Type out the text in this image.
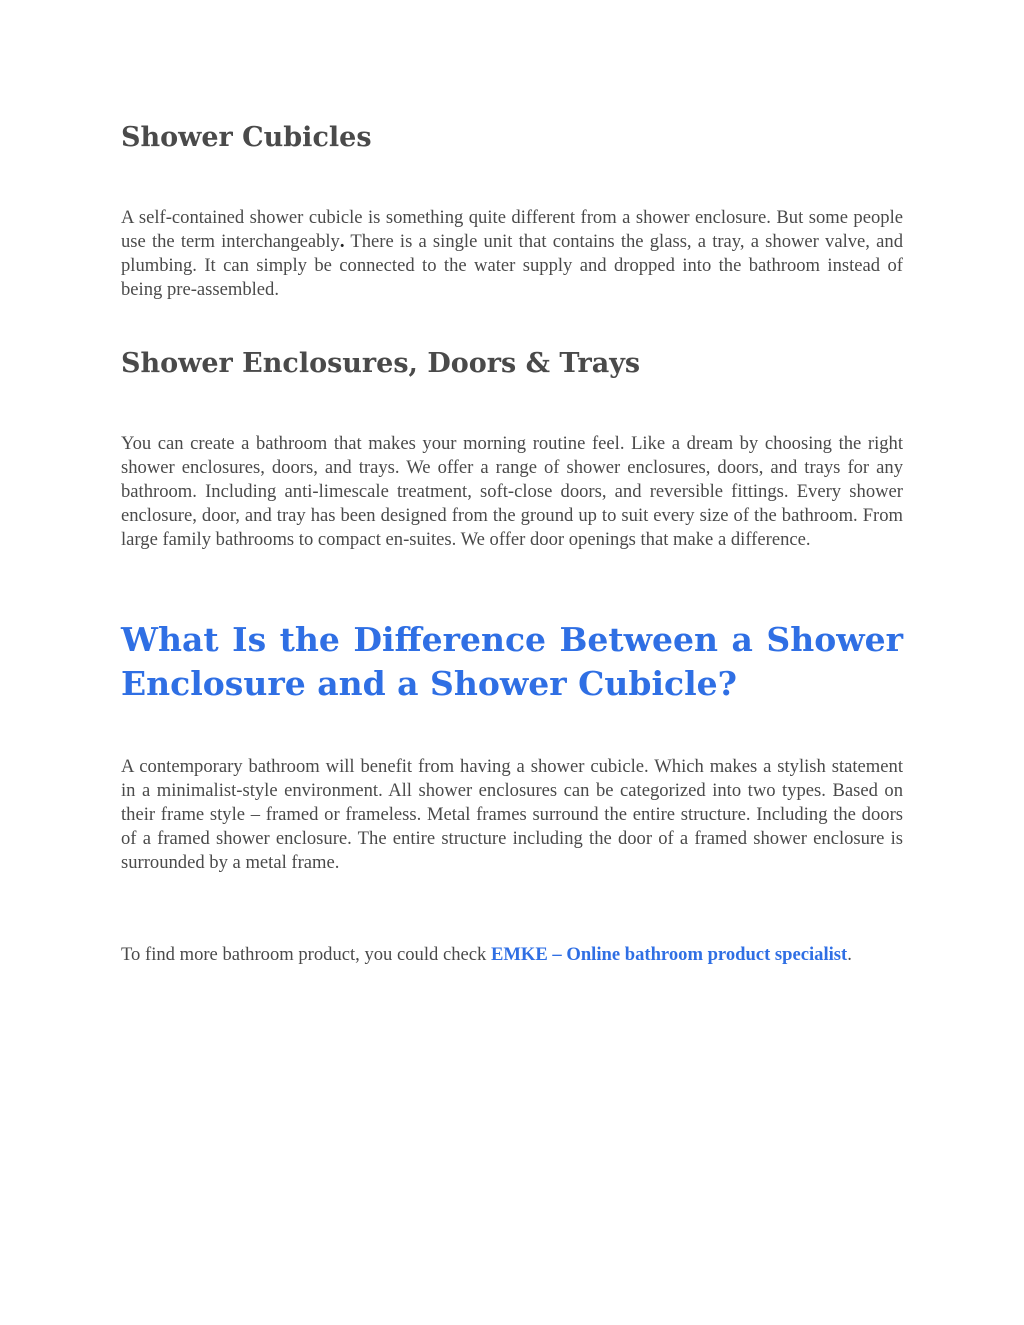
Shower Cubicles

A self-contained shower cubicle is something quite different from a shower enclosure. But some people use the term interchangeably. There is a single unit that contains the glass, a tray, a shower valve, and plumbing. It can simply be connected to the water supply and dropped into the bathroom instead of being pre-assembled.

Shower Enclosures, Doors & Trays

You can create a bathroom that makes your morning routine feel. Like a dream by choosing the right shower enclosures, doors, and trays. We offer a range of shower enclosures, doors, and trays for any bathroom. Including anti-limescale treatment, soft-close doors, and reversible fittings. Every shower enclosure, door, and tray has been designed from the ground up to suit every size of the bathroom. From large family bathrooms to compact en-suites. We offer door openings that make a difference.

What Is the Difference Between a Shower Enclosure and a Shower Cubicle?

A contemporary bathroom will benefit from having a shower cubicle. Which makes a stylish statement in a minimalist-style environment. All shower enclosures can be categorized into two types. Based on their frame style – framed or frameless. Metal frames surround the entire structure. Including the doors of a framed shower enclosure. The entire structure including the door of a framed shower enclosure is surrounded by a metal frame.

To find more bathroom product, you could check EMKE – Online bathroom product specialist.
